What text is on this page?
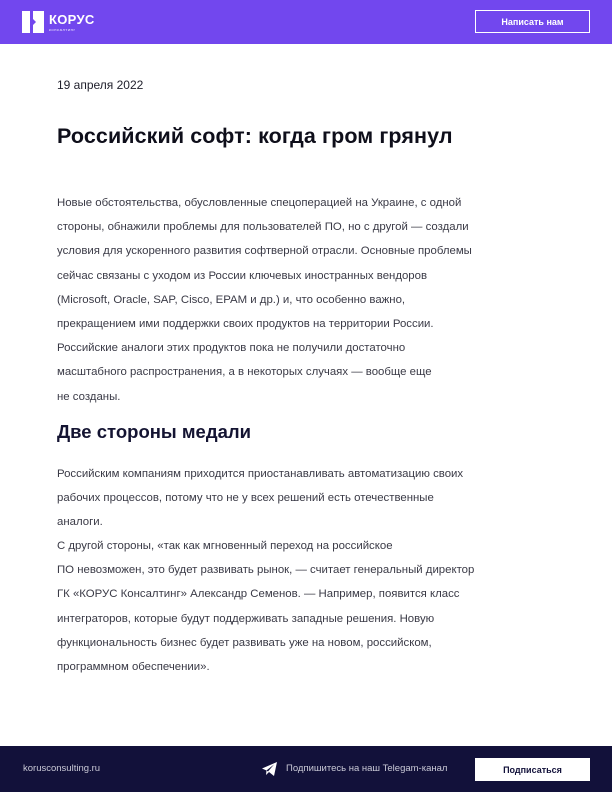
КОРУС
консалтинг
Написать нам
19 апреля 2022
Российский софт: когда гром грянул

Новые обстоятельства, обусловленные спецоперацией на Украине, с одной
стороны, обнажили проблемы для пользователей ПО, но с другой — создали
условия для ускоренного развития софтверной отрасли. Основные проблемы
сейчас связаны с уходом из России ключевых иностранных вендоров
(Microsoft, Oracle, SAP, Cisco, EPAM и др.) и, что особенно важно,
прекращением ими поддержки своих продуктов на территории России.
Российские аналоги этих продуктов пока не получили достаточно
масштабного распространения, а в некоторых случаях — вообще еще
не созданы.

Две стороны медали

Российским компаниям приходится приостанавливать автоматизацию своих
рабочих процессов, потому что не у всех решений есть отечественные
аналоги.

С другой стороны, «так как мгновенный переход на российское
ПО невозможен, это будет развивать рынок, — считает генеральный директор
ГК «КОРУС Консалтинг» Александр Семенов. — Например, появится класс
интеграторов, которые будут поддерживать западные решения. Новую
функциональность бизнес будет развивать уже на новом, российском,
программном обеспечении».

korusconsulting.ru	Подпишитесь на наш Telegam-канал	Подписаться
